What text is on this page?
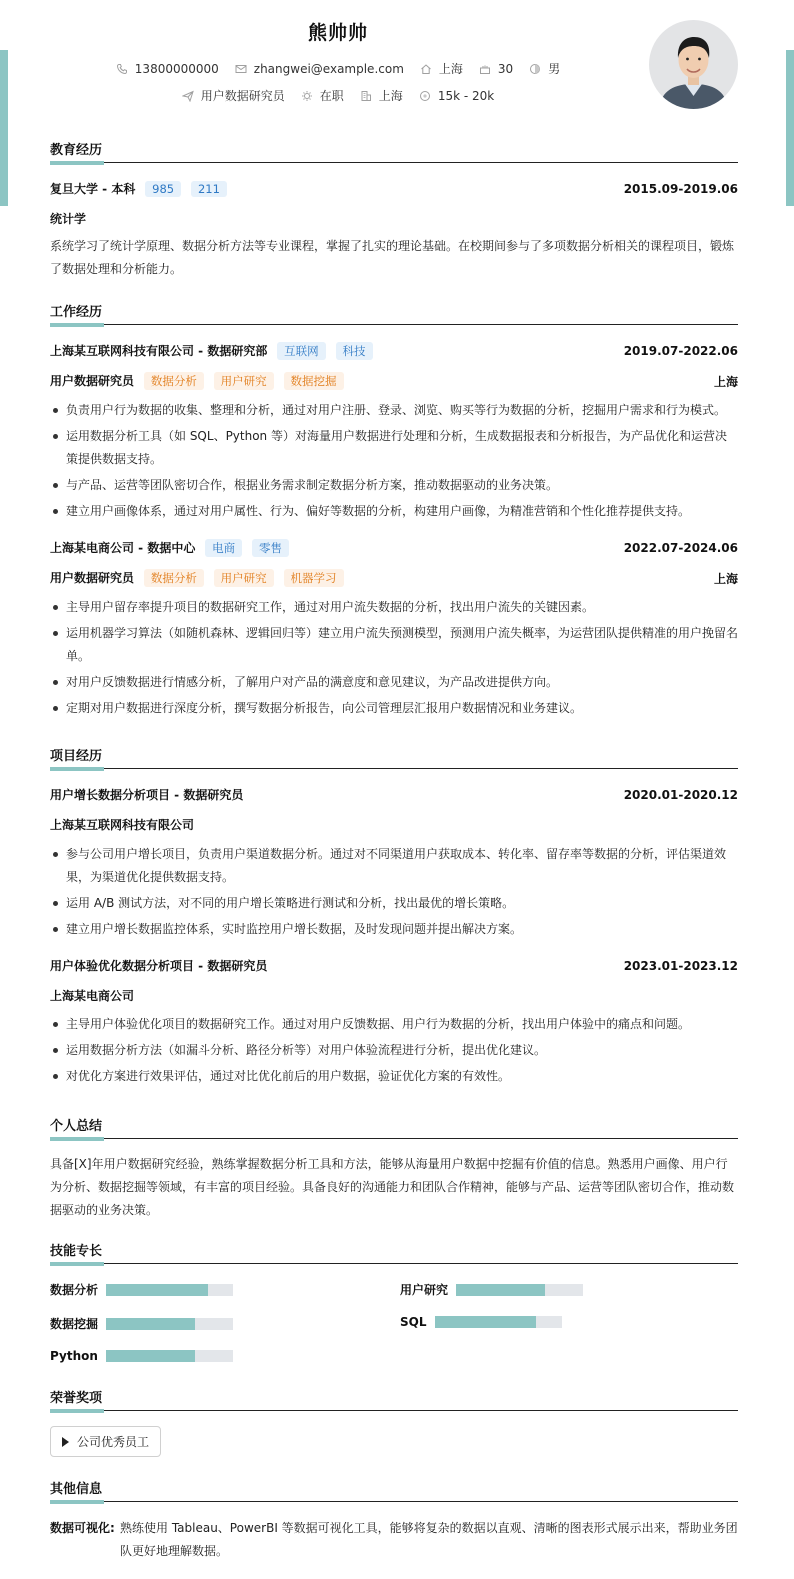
熊帅帅
13800000000	zhangwei@example.com	上海	30	男
用户数据研究员	在职	上海	15k - 20k
教育经历
复旦大学 - 本科 985 211	2015.09-2019.06
统计学
系统学习了统计学原理、数据分析方法等专业课程，掌握了扎实的理论基础。在校期间参与了多项数据分析相关的课程项目，锻炼了数据处理和分析能力。
工作经历
上海某互联网科技有限公司 - 数据研究部 互联网 科技	2019.07-2022.06
用户数据研究员 数据分析 用户研究 数据挖掘	上海
负责用户行为数据的收集、整理和分析，通过对用户注册、登录、浏览、购买等行为数据的分析，挖掘用户需求和行为模式。
运用数据分析工具（如 SQL、Python 等）对海量用户数据进行处理和分析，生成数据报表和分析报告，为产品优化和运营决策提供数据支持。
与产品、运营等团队密切合作，根据业务需求制定数据分析方案，推动数据驱动的业务决策。
建立用户画像体系，通过对用户属性、行为、偏好等数据的分析，构建用户画像，为精准营销和个性化推荐提供支持。
上海某电商公司 - 数据中心 电商 零售	2022.07-2024.06
用户数据研究员 数据分析 用户研究 机器学习	上海
主导用户留存率提升项目的数据研究工作，通过对用户流失数据的分析，找出用户流失的关键因素。
运用机器学习算法（如随机森林、逻辑回归等）建立用户流失预测模型，预测用户流失概率，为运营团队提供精准的用户挽留名单。
对用户反馈数据进行情感分析，了解用户对产品的满意度和意见建议，为产品改进提供方向。
定期对用户数据进行深度分析，撰写数据分析报告，向公司管理层汇报用户数据情况和业务建议。
项目经历
用户增长数据分析项目 - 数据研究员	2020.01-2020.12
上海某互联网科技有限公司
参与公司用户增长项目，负责用户渠道数据分析。通过对不同渠道用户获取成本、转化率、留存率等数据的分析，评估渠道效果，为渠道优化提供数据支持。
运用 A/B 测试方法，对不同的用户增长策略进行测试和分析，找出最优的增长策略。
建立用户增长数据监控体系，实时监控用户增长数据，及时发现问题并提出解决方案。
用户体验优化数据分析项目 - 数据研究员	2023.01-2023.12
上海某电商公司
主导用户体验优化项目的数据研究工作。通过对用户反馈数据、用户行为数据的分析，找出用户体验中的痛点和问题。
运用数据分析方法（如漏斗分析、路径分析等）对用户体验流程进行分析，提出优化建议。
对优化方案进行效果评估，通过对比优化前后的用户数据，验证优化方案的有效性。
个人总结
具备[X]年用户数据研究经验，熟练掌握数据分析工具和方法，能够从海量用户数据中挖掘有价值的信息。熟悉用户画像、用户行为分析、数据挖掘等领域，有丰富的项目经验。具备良好的沟通能力和团队合作精神，能够与产品、运营等团队密切合作，推动数据驱动的业务决策。
技能专长
数据分析	用户研究
数据挖掘	SQL
Python
荣誉奖项
公司优秀员工
其他信息
数据可视化: 熟练使用 Tableau、PowerBI 等数据可视化工具，能够将复杂的数据以直观、清晰的图表形式展示出来，帮助业务团队更好地理解数据。
